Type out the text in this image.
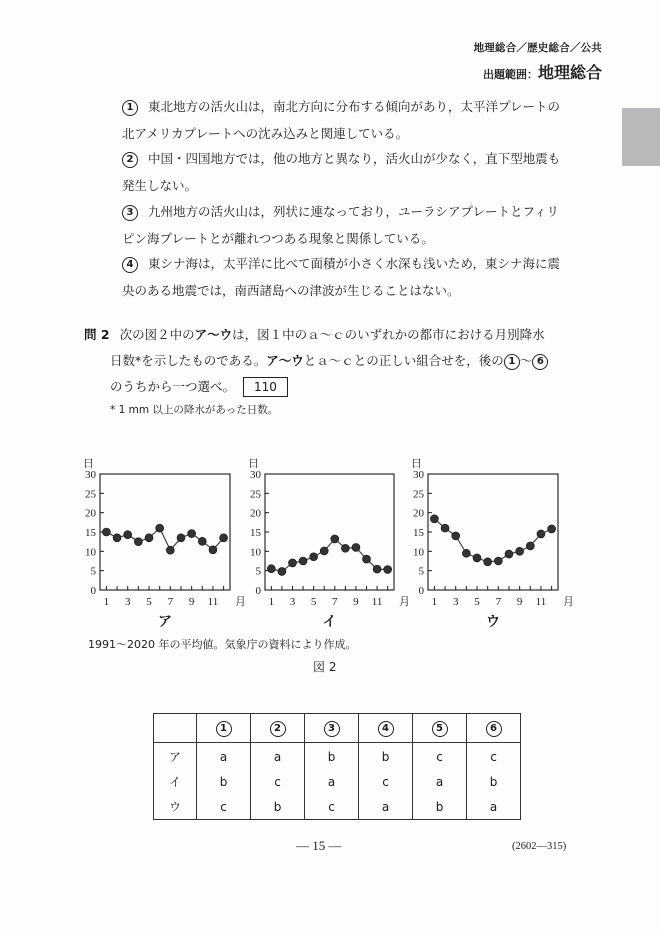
地理総合／歴史総合／公共
出題範囲：地理総合
1 東北地方の活火山は，南北方向に分布する傾向があり，太平洋プレートの
北アメリカプレートへの沈み込みと関連している。
2 中国・四国地方では，他の地方と異なり，活火山が少なく，直下型地震も
発生しない。
3 九州地方の活火山は，列状に連なっており，ユーラシアプレートとフィリ
ピン海プレートとが離れつつある現象と関係している。
4 東シナ海は，太平洋に比べて面積が小さく水深も浅いため，東シナ海に震
央のある地震では，南西諸島への津波が生じることはない。
問 2 次の図２中のア～ウは，図１中のａ～ｃのいずれかの都市における月別降水
日数*を示したものである。ア～ウとａ～ｃとの正しい組合せを，後の 1 ～ 6
のうちから一つ選べ。 110
* 1 mm 以上の降水があった日数。
0
5
10
15
20
25
30
日
1 3 5 7 9 11 月
ア
0
5
10
15
20
25
30
日
1 3 5 7 9 11 月
イ
0
5
10
15
20
25
30
日
1 3 5 7 9 11 月
ウ
1991～2020 年の平均値。気象庁の資料により作成。
図 2
	1	2	3	4	5	6
ア	a	a	b	b	c	c
イ	b	c	a	c	a	b
ウ	c	b	c	a	b	a
— 15 —	(2602—315)
